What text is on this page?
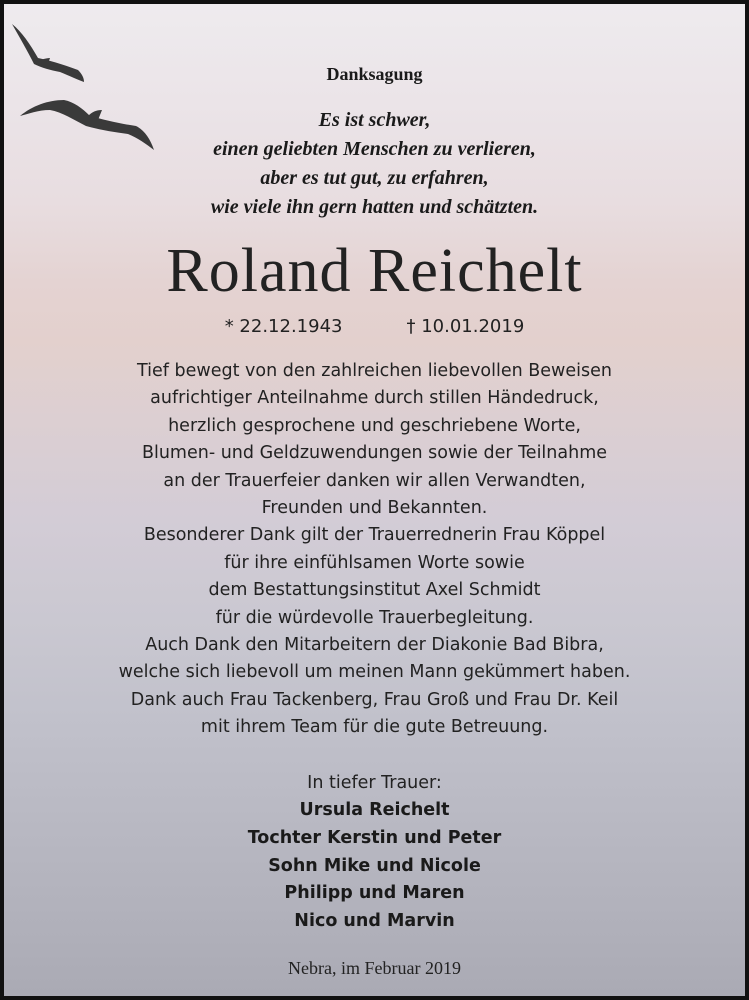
Danksagung
Es ist schwer,
einen geliebten Menschen zu verlieren,
aber es tut gut, zu erfahren,
wie viele ihn gern hatten und schätzten.
Roland Reichelt
* 22.12.1943	† 10.01.2019
Tief bewegt von den zahlreichen liebevollen Beweisen
aufrichtiger Anteilnahme durch stillen Händedruck,
herzlich gesprochene und geschriebene Worte,
Blumen- und Geldzuwendungen sowie der Teilnahme
an der Trauerfeier danken wir allen Verwandten,
Freunden und Bekannten.
Besonderer Dank gilt der Trauerrednerin Frau Köppel
für ihre einfühlsamen Worte sowie
dem Bestattungsinstitut Axel Schmidt
für die würdevolle Trauerbegleitung.
Auch Dank den Mitarbeitern der Diakonie Bad Bibra,
welche sich liebevoll um meinen Mann gekümmert haben.
Dank auch Frau Tackenberg, Frau Groß und Frau Dr. Keil
mit ihrem Team für die gute Betreuung.
In tiefer Trauer:
Ursula Reichelt
Tochter Kerstin und Peter
Sohn Mike und Nicole
Philipp und Maren
Nico und Marvin
Nebra, im Februar 2019
